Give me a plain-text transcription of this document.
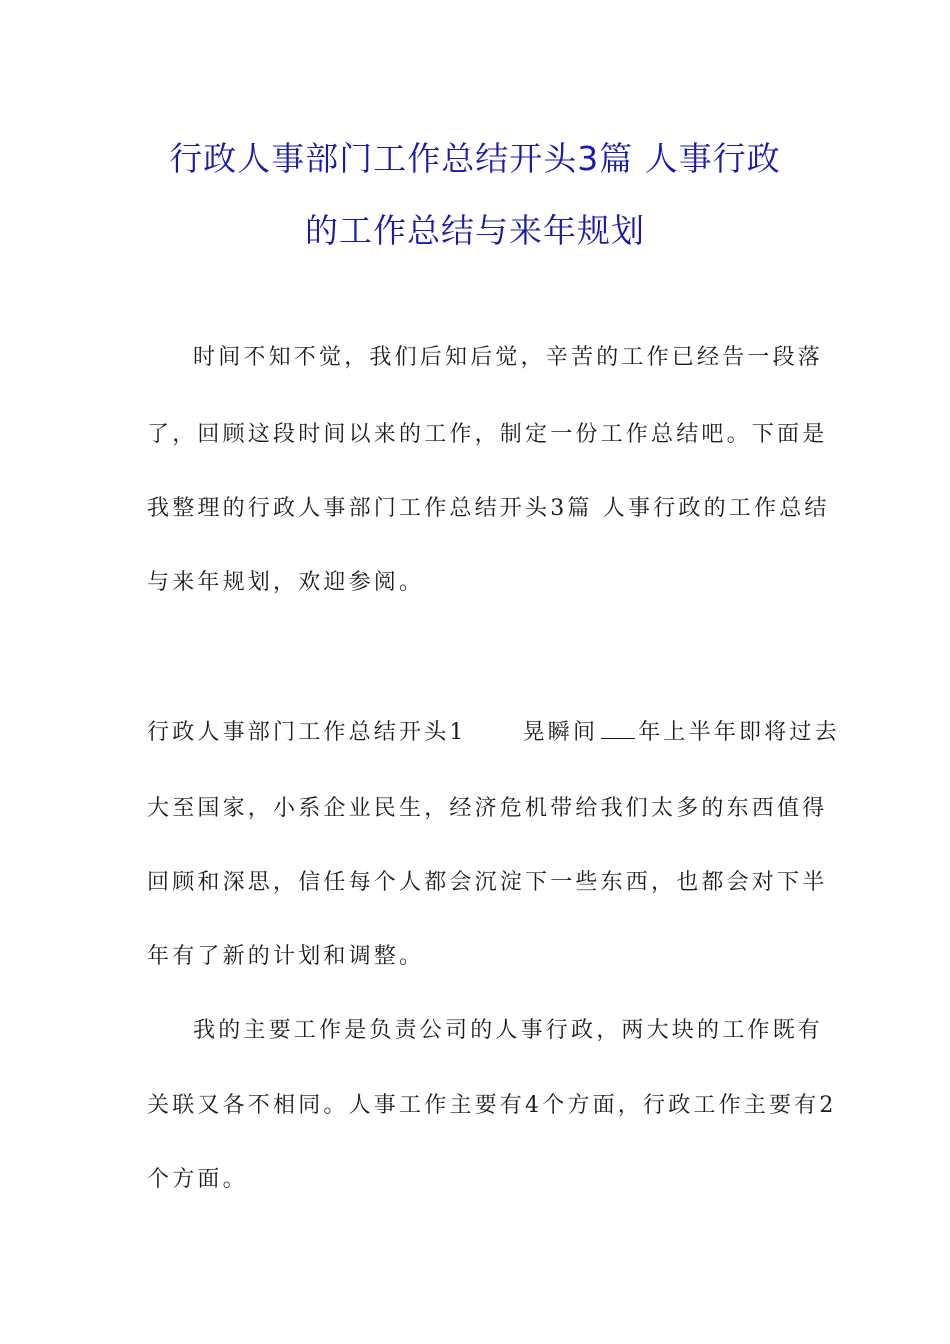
行政人事部门工作总结开头3篇 人事行政
的工作总结与来年规划
时间不知不觉，我们后知后觉，辛苦的工作已经告一段落
了，回顾这段时间以来的工作，制定一份工作总结吧。下面是
我整理的行政人事部门工作总结开头3篇 人事行政的工作总结
与来年规划，欢迎参阅。
行政人事部门工作总结开头1	晃瞬间 年上半年即将过去
大至国家，小系企业民生，经济危机带给我们太多的东西值得
回顾和深思，信任每个人都会沉淀下一些东西，也都会对下半
年有了新的计划和调整。
我的主要工作是负责公司的人事行政，两大块的工作既有
关联又各不相同。人事工作主要有4个方面，行政工作主要有2
个方面。
